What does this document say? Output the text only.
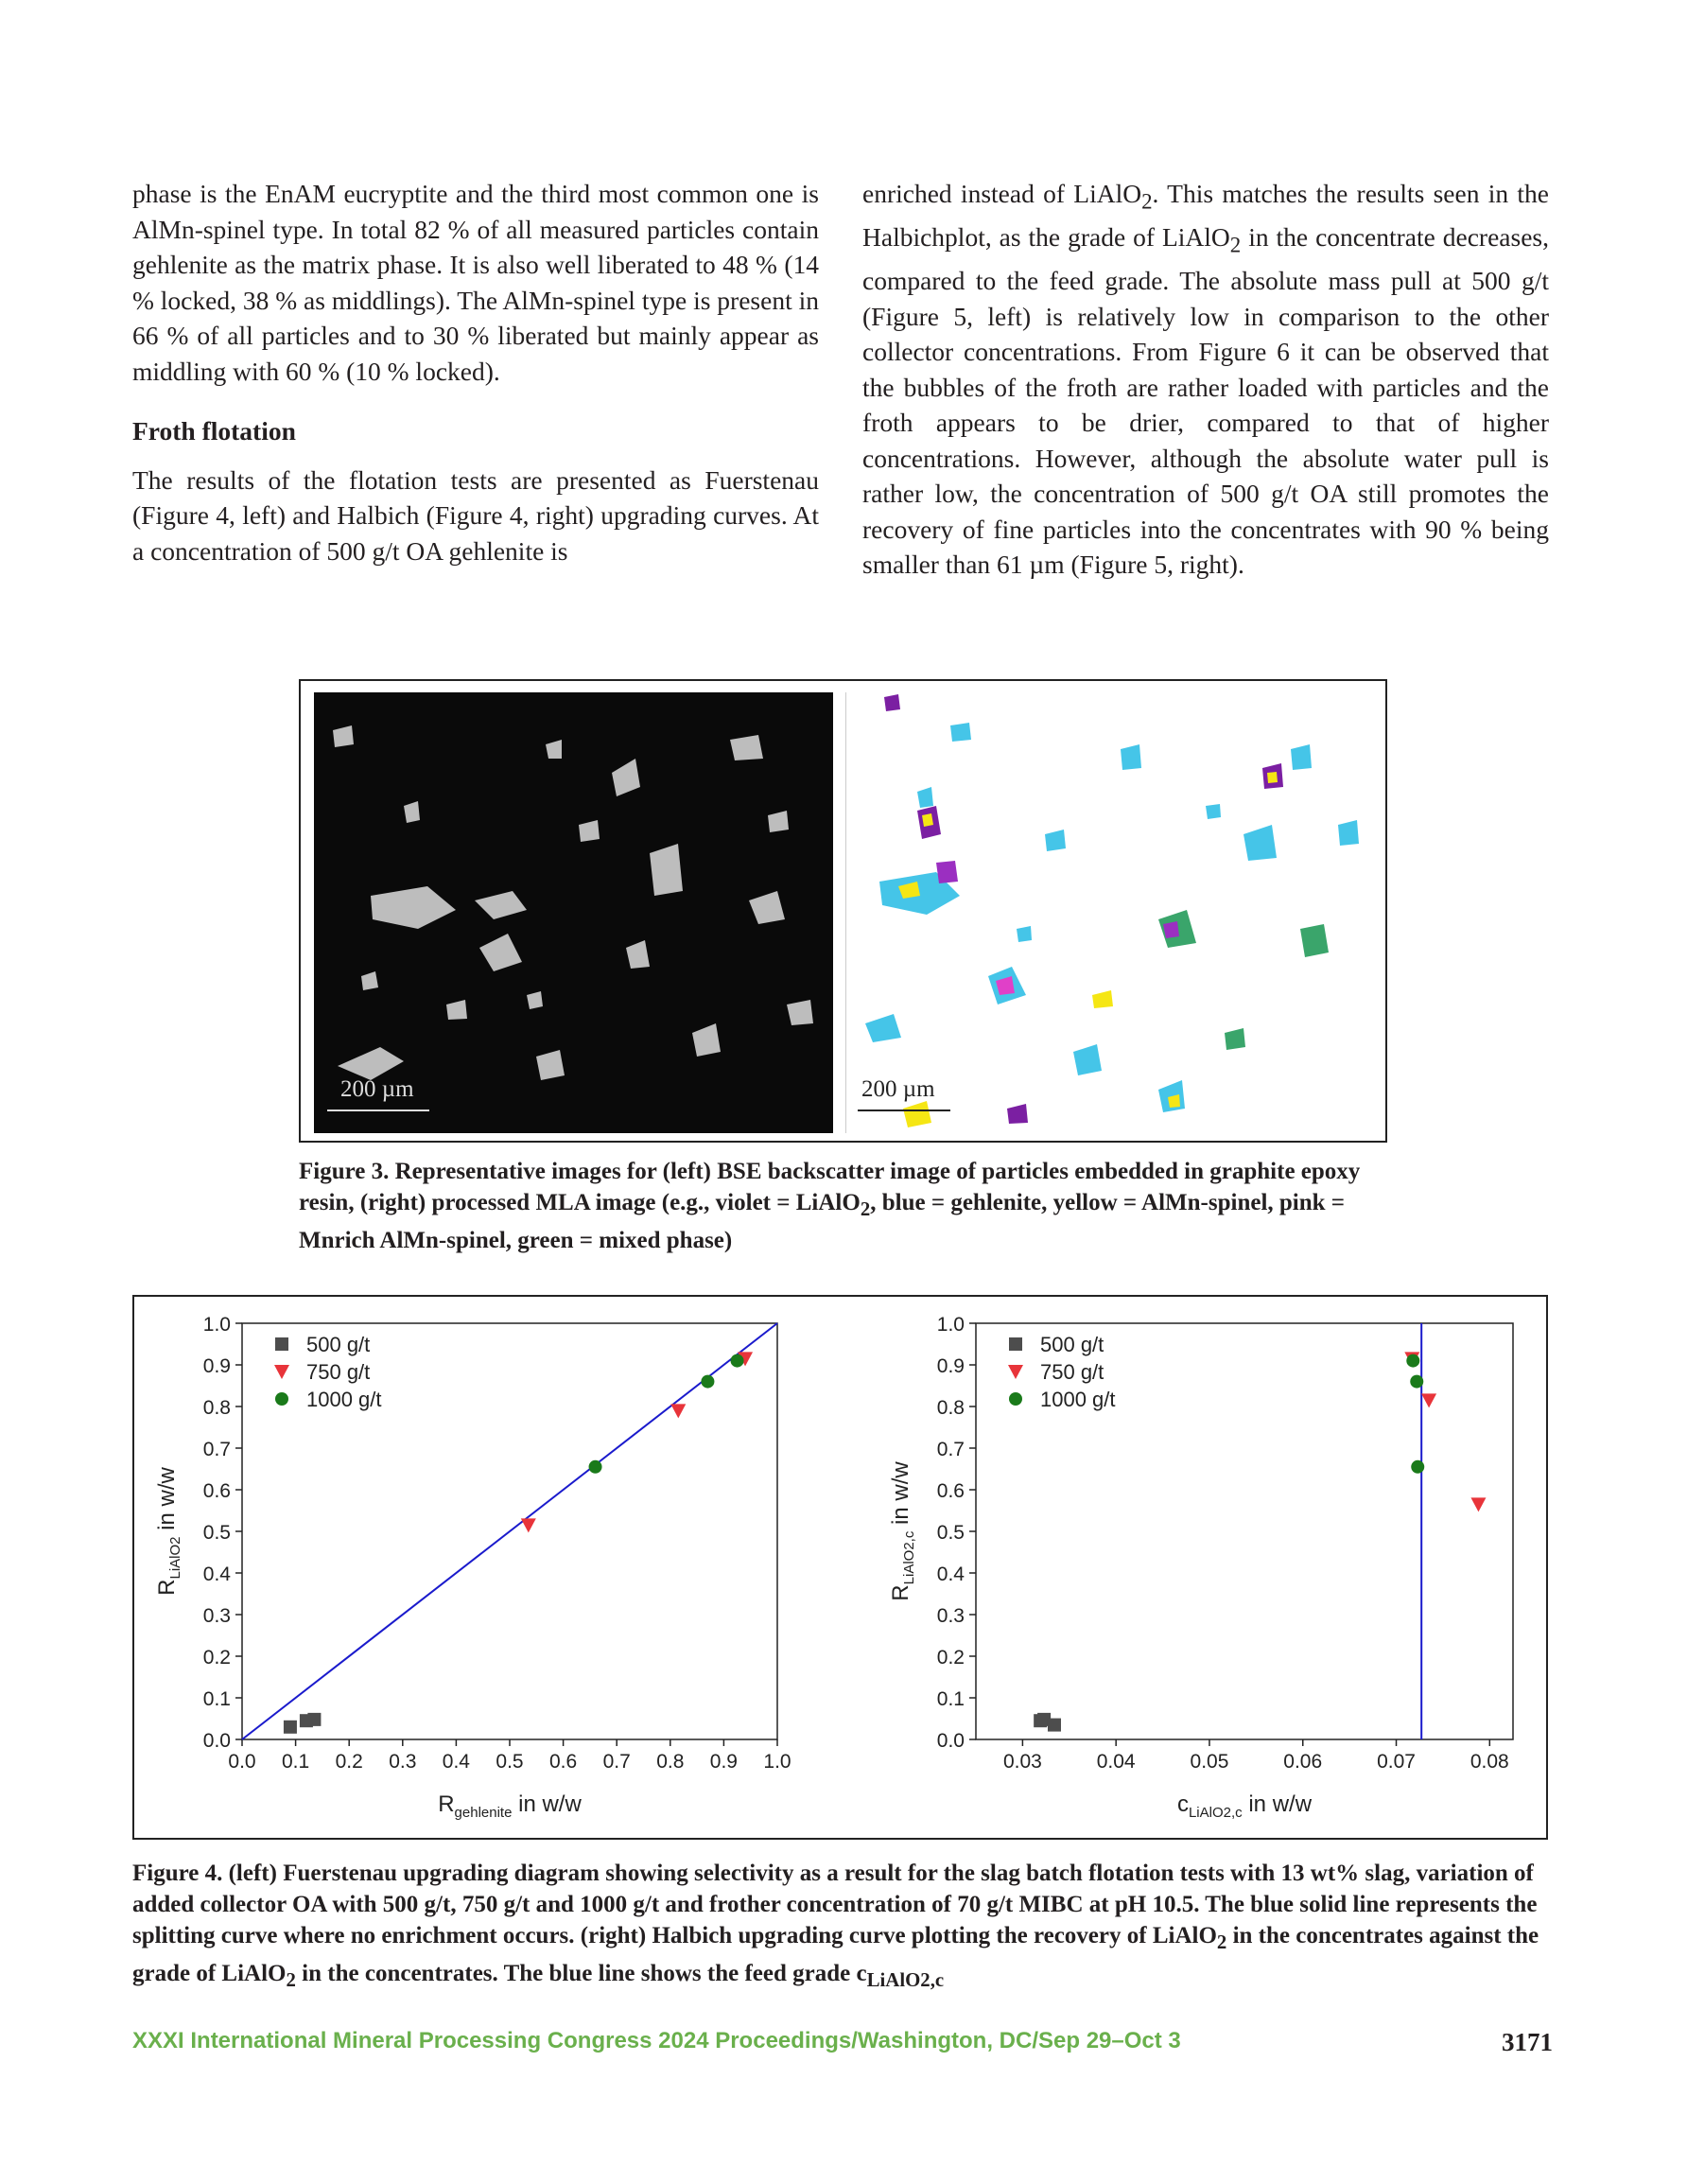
phase is the EnAM eucryptite and the third most common one is AlMn-spinel type. In total 82 % of all measured particles contain gehlenite as the matrix phase. It is also well liberated to 48 % (14 % locked, 38 % as middlings). The AlMn-spinel type is present in 66 % of all particles and to 30 % liberated but mainly appear as middling with 60 % (10 % locked).

Froth flotation

The results of the flotation tests are presented as Fuerstenau (Figure 4, left) and Halbich (Figure 4, right) upgrading curves. At a concentration of 500 g/t OA gehlenite is

enriched instead of LiAlO$_2$. This matches the results seen in the Halbichplot, as the grade of LiAlO$_2$ in the concentrate decreases, compared to the feed grade. The absolute mass pull at 500 g/t (Figure 5, left) is relatively low in comparison to the other collector concentrations. From Figure 6 it can be observed that the bubbles of the froth are rather loaded with particles and the froth appears to be drier, compared to that of higher concentrations. However, although the absolute water pull is rather low, the concentration of 500 g/t OA still promotes the recovery of fine particles into the concentrates with 90 % being smaller than 61 µm (Figure 5, right).

200 µm	200 µm
Figure 3. Representative images for (left) BSE backscatter image of particles embedded in graphite epoxy resin, (right) processed MLA image (e.g., violet = LiAlO$_2$, blue = gehlenite, yellow = AlMn-spinel, pink = Mnrich AlMn-spinel, green = mixed phase)
0.0
0.1
0.2
0.3
0.4
0.5
0.6
0.7
0.8
0.9
1.0
0.0 0.1 0.2 0.3 0.4 0.5 0.6 0.7 0.8 0.9 1.0
500 g/t
750 g/t
1000 g/t
$R_{gehlenite}$ in w/w
$R_{LiAlO2}$ in w/w
0.0
0.1
0.2
0.3
0.4
0.5
0.6
0.7
0.8
0.9
1.0
0.03	0.04	0.05	0.06	0.07	0.08
500 g/t
750 g/t
1000 g/t
$c_{LiAlO2,c}$ in w/w
$R_{LiAlO2,c}$ in w/w
Figure 4. (left) Fuerstenau upgrading diagram showing selectivity as a result for the slag batch flotation tests with 13 wt% slag, variation of added collector OA with 500 g/t, 750 g/t and 1000 g/t and frother concentration of 70 g/t MIBC at pH 10.5. The blue solid line represents the splitting curve where no enrichment occurs. (right) Halbich upgrading curve plotting the recovery of LiAlO$_2$ in the concentrates against the grade of LiAlO$_2$ in the concentrates. The blue line shows the feed grade $c_{LiAlO2,c}$
XXXI International Mineral Processing Congress 2024 Proceedings/Washington, DC/Sep 29–Oct 3	3171
